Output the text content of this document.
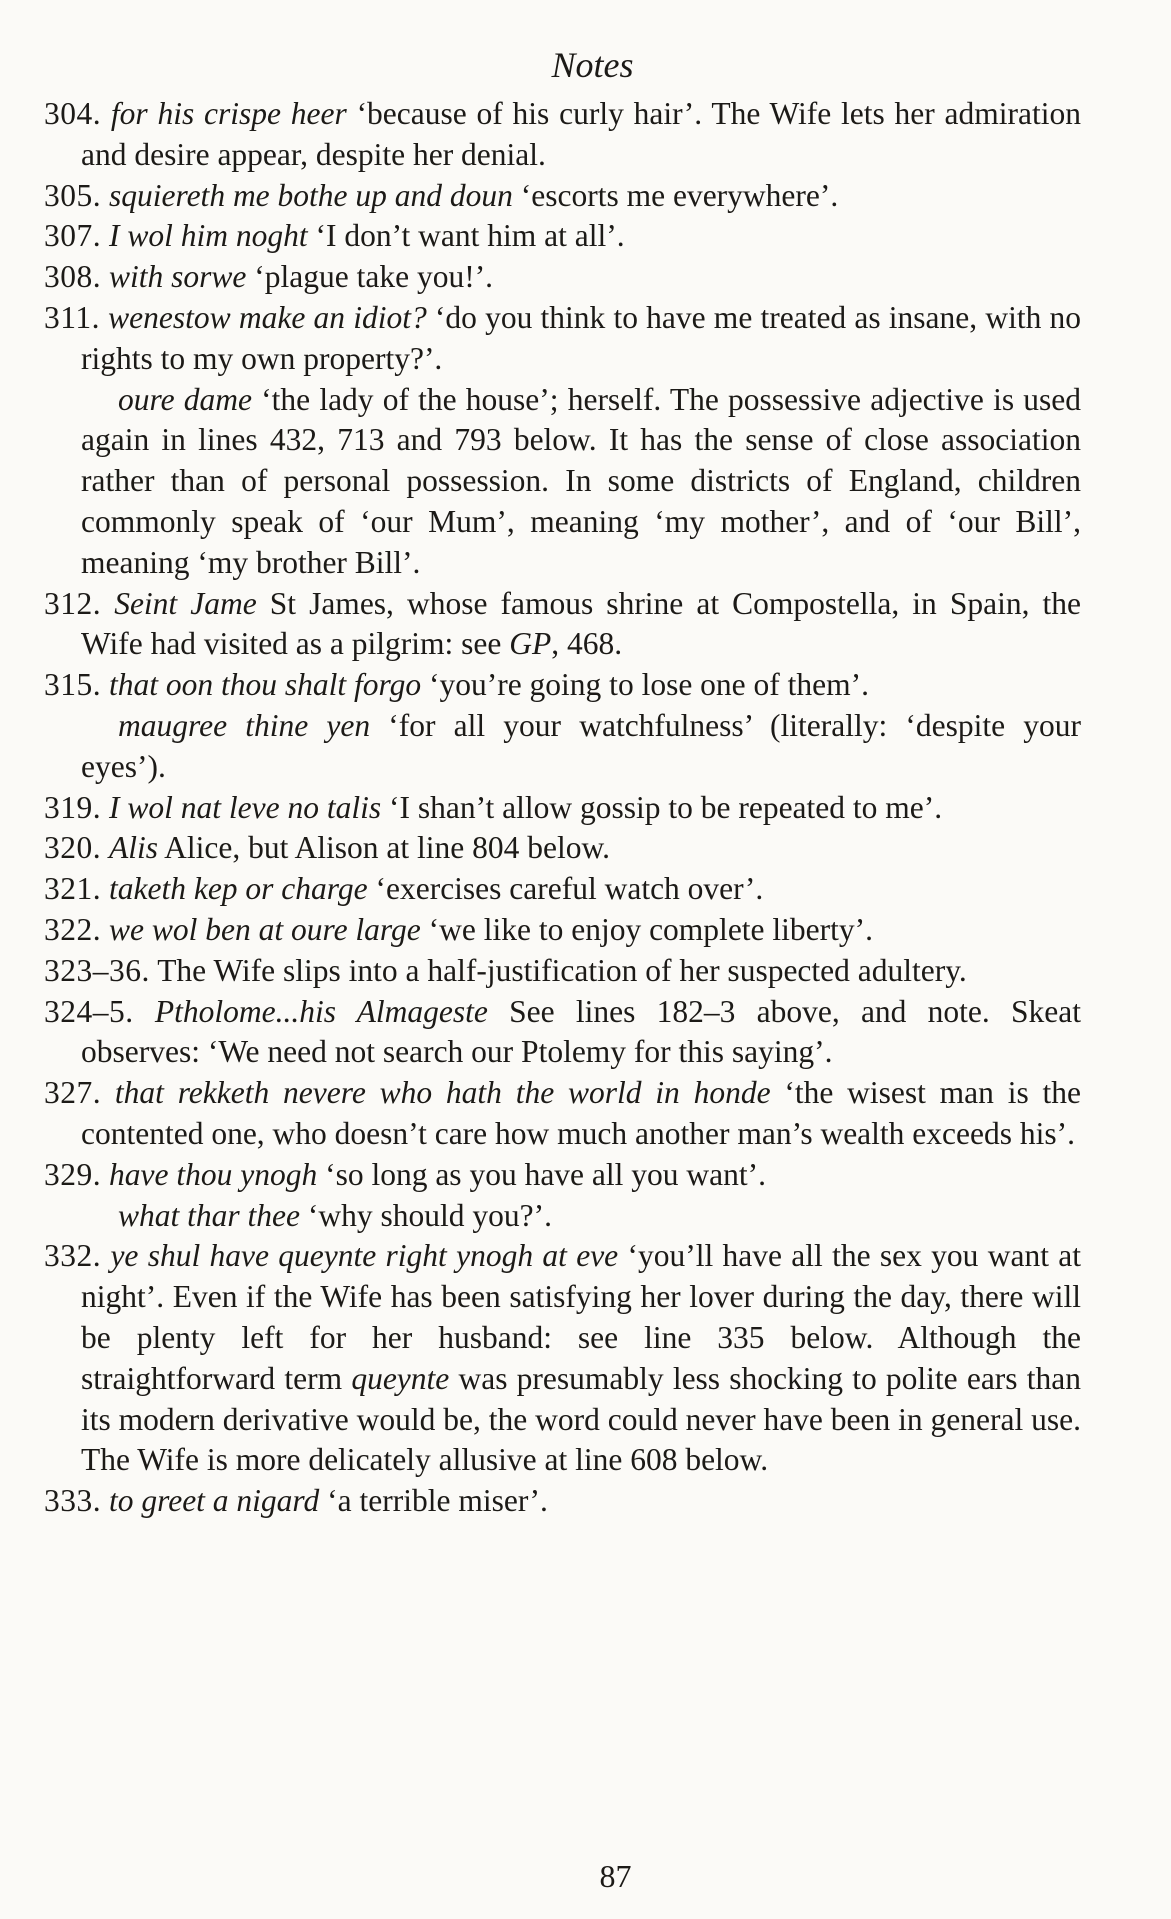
Notes

304. for his crispe heer ‘because of his curly hair’. The Wife lets her admiration and desire appear, despite her denial.

305. squiereth me bothe up and doun ‘escorts me everywhere’.

307. I wol him noght ‘I don’t want him at all’.

308. with sorwe ‘plague take you!’.

311. wenestow make an idiot? ‘do you think to have me treated as insane, with no rights to my own property?’.

oure dame ‘the lady of the house’; herself. The possessive adjective is used again in lines 432, 713 and 793 below. It has the sense of close association rather than of personal possession. In some districts of England, children commonly speak of ‘our Mum’, meaning ‘my mother’, and of ‘our Bill’, meaning ‘my brother Bill’.

312. Seint Jame St James, whose famous shrine at Compostella, in Spain, the Wife had visited as a pilgrim: see GP, 468.

315. that oon thou shalt forgo ‘you’re going to lose one of them’.

maugree thine yen ‘for all your watchfulness’ (literally: ‘despite your eyes’).

319. I wol nat leve no talis ‘I shan’t allow gossip to be repeated to me’.

320. Alis Alice, but Alison at line 804 below.

321. taketh kep or charge ‘exercises careful watch over’.

322. we wol ben at oure large ‘we like to enjoy complete liberty’.

323–36. The Wife slips into a half-justification of her suspected adultery.

324–5. Ptholome...his Almageste See lines 182–3 above, and note. Skeat observes: ‘We need not search our Ptolemy for this saying’.

327. that rekketh nevere who hath the world in honde ‘the wisest man is the contented one, who doesn’t care how much another man’s wealth exceeds his’.

329. have thou ynogh ‘so long as you have all you want’.

what thar thee ‘why should you?’.

332. ye shul have queynte right ynogh at eve ‘you’ll have all the sex you want at night’. Even if the Wife has been satisfying her lover during the day, there will be plenty left for her husband: see line 335 below. Although the straightforward term queynte was presumably less shocking to polite ears than its modern derivative would be, the word could never have been in general use. The Wife is more delicately allusive at line 608 below.

333. to greet a nigard ‘a terrible miser’.

87
